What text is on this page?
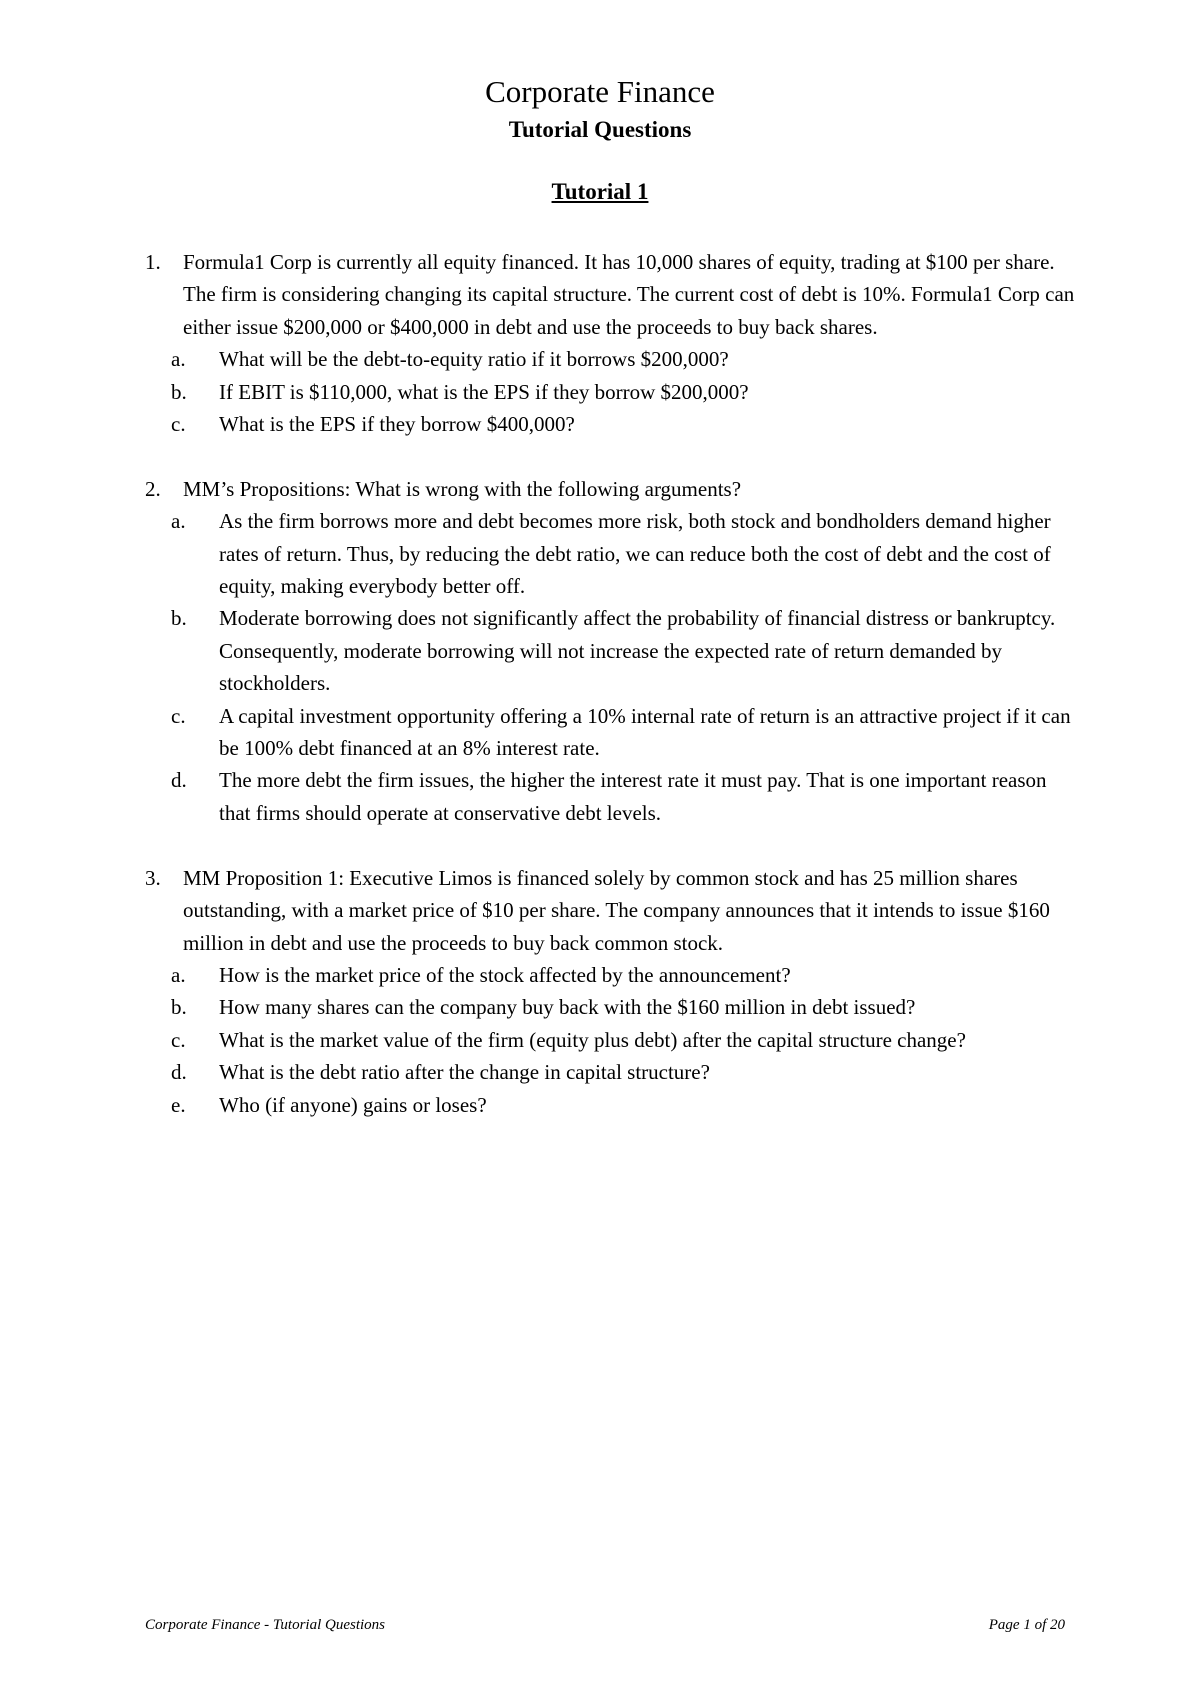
Corporate Finance
Tutorial Questions
Tutorial 1
1. Formula1 Corp is currently all equity financed. It has 10,000 shares of equity, trading at $100 per share. The firm is considering changing its capital structure. The current cost of debt is 10%. Formula1 Corp can either issue $200,000 or $400,000 in debt and use the proceeds to buy back shares.
a.	What will be the debt-to-equity ratio if it borrows $200,000?
b.	If EBIT is $110,000, what is the EPS if they borrow $200,000?
c.	What is the EPS if they borrow $400,000?
2. MM’s Propositions: What is wrong with the following arguments?
a.	As the firm borrows more and debt becomes more risk, both stock and bondholders demand higher rates of return. Thus, by reducing the debt ratio, we can reduce both the cost of debt and the cost of equity, making everybody better off.
b.	Moderate borrowing does not significantly affect the probability of financial distress or bankruptcy. Consequently, moderate borrowing will not increase the expected rate of return demanded by stockholders.
c.	A capital investment opportunity offering a 10% internal rate of return is an attractive project if it can be 100% debt financed at an 8% interest rate.
d.	The more debt the firm issues, the higher the interest rate it must pay. That is one important reason that firms should operate at conservative debt levels.
3. MM Proposition 1: Executive Limos is financed solely by common stock and has 25 million shares outstanding, with a market price of $10 per share. The company announces that it intends to issue $160 million in debt and use the proceeds to buy back common stock.
a.	How is the market price of the stock affected by the announcement?
b.	How many shares can the company buy back with the $160 million in debt issued?
c.	What is the market value of the firm (equity plus debt) after the capital structure change?
d.	What is the debt ratio after the change in capital structure?
e.	Who (if anyone) gains or loses?
Corporate Finance - Tutorial Questions	Page 1 of 20
